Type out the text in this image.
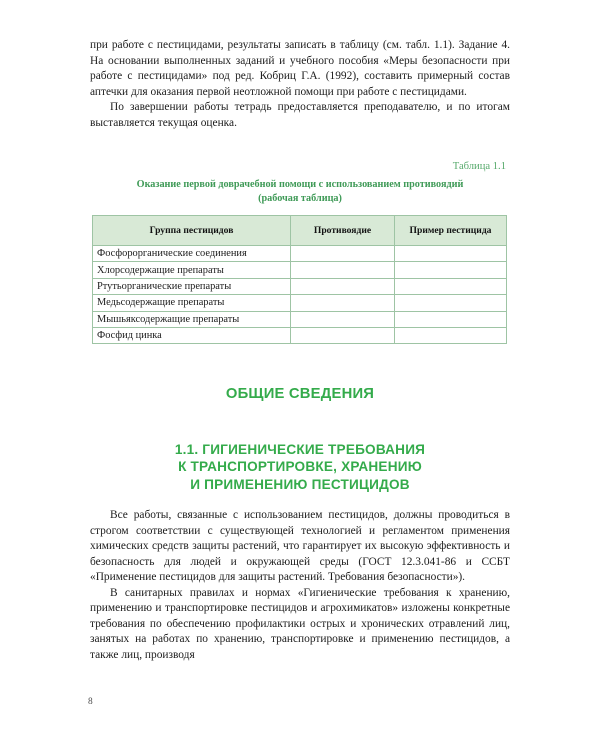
при работе с пестицидами, результаты записать в таблицу (см. табл. 1.1). Задание 4. На основании выполненных заданий и учебного пособия «Меры безопасности при работе с пестицидами» под ред. Кобриц Г.А. (1992), составить примерный состав аптечки для оказания первой неотложной помощи при работе с пестицидами.

По завершении работы тетрадь предоставляется преподавателю, и по итогам выставляется текущая оценка.

Таблица 1.1
Оказание первой доврачебной помощи с использованием противоядий
(рабочая таблица)
Группа пестицидов	Противоядие	Пример пестицида
Фосфорорганические соединения		
Хлорсодержащие препараты		
Ртутьорганические препараты		
Медьсодержащие препараты		
Мышьяксодержащие препараты		
Фосфид цинка		
ОБЩИЕ СВЕДЕНИЯ
1.1. ГИГИЕНИЧЕСКИЕ ТРЕБОВАНИЯ
К ТРАНСПОРТИРОВКЕ, ХРАНЕНИЮ
И ПРИМЕНЕНИЮ ПЕСТИЦИДОВ

Все работы, связанные с использованием пестицидов, должны проводиться в строгом соответствии с существующей технологией и регламентом применения химических средств защиты растений, что гарантирует их высокую эффективность и безопасность для людей и окружающей среды (ГОСТ 12.3.041-86 и ССБТ «Применение пестицидов для защиты растений. Требования безопасности»).

В санитарных правилах и нормах «Гигиенические требования к хранению, применению и транспортировке пестицидов и агрохимикатов» изложены конкретные требования по обеспечению профилактики острых и хронических отравлений лиц, занятых на работах по хранению, транспортировке и применению пестицидов, а также лиц, производя

8
